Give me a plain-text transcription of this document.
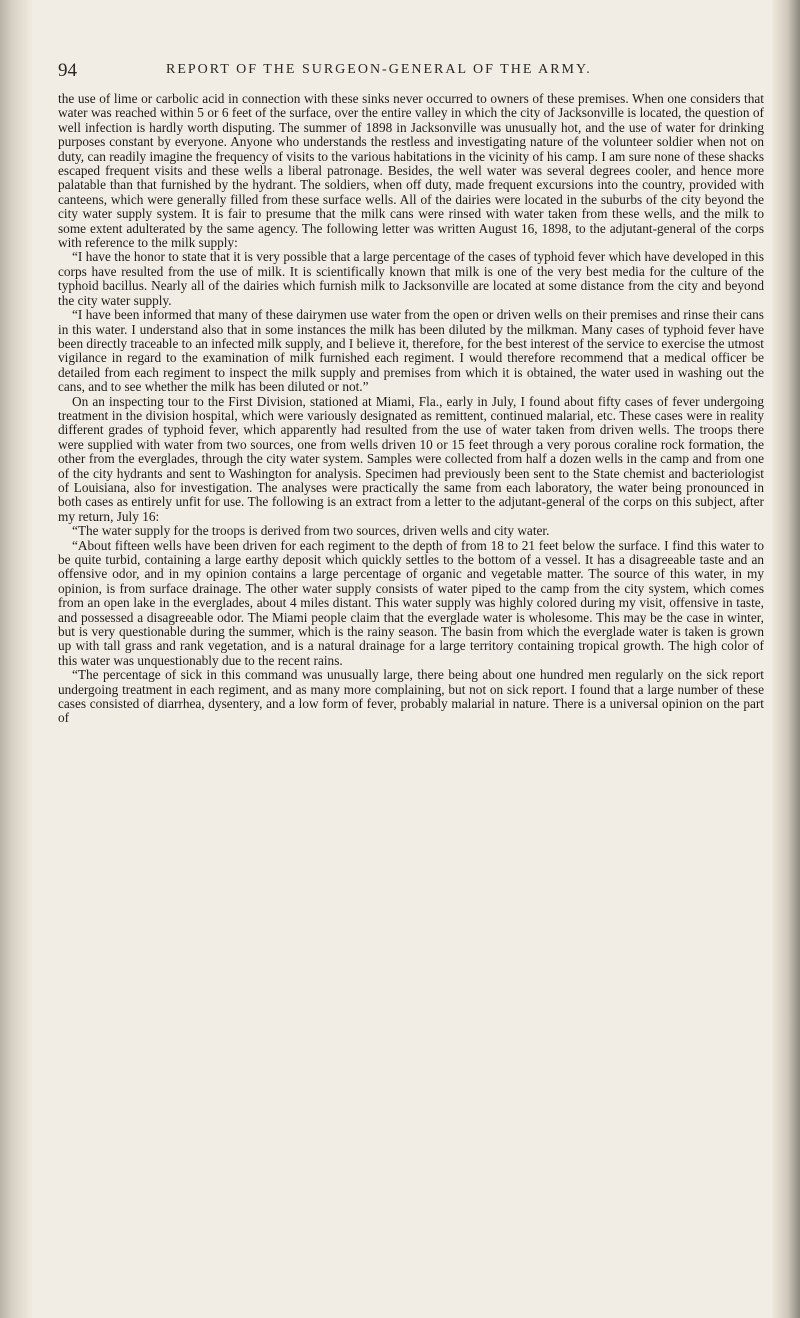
94	REPORT OF THE SURGEON-GENERAL OF THE ARMY.

the use of lime or carbolic acid in connection with these sinks never occurred to owners of these premises. When one considers that water was reached within 5 or 6 feet of the surface, over the entire valley in which the city of Jacksonville is located, the question of well infection is hardly worth disputing. The summer of 1898 in Jacksonville was unusually hot, and the use of water for drinking purposes constant by everyone. Anyone who understands the restless and investigating nature of the volunteer soldier when not on duty, can readily imagine the frequency of visits to the various habitations in the vicinity of his camp. I am sure none of these shacks escaped frequent visits and these wells a liberal patronage. Besides, the well water was several degrees cooler, and hence more palatable than that furnished by the hydrant. The soldiers, when off duty, made frequent excursions into the country, provided with canteens, which were generally filled from these surface wells. All of the dairies were located in the suburbs of the city beyond the city water supply system. It is fair to presume that the milk cans were rinsed with water taken from these wells, and the milk to some extent adulterated by the same agency. The following letter was written August 16, 1898, to the adjutant-general of the corps with reference to the milk supply:

“I have the honor to state that it is very possible that a large percentage of the cases of typhoid fever which have developed in this corps have resulted from the use of milk. It is scientifically known that milk is one of the very best media for the culture of the typhoid bacillus. Nearly all of the dairies which furnish milk to Jacksonville are located at some distance from the city and beyond the city water supply.

“I have been informed that many of these dairymen use water from the open or driven wells on their premises and rinse their cans in this water. I understand also that in some instances the milk has been diluted by the milkman. Many cases of typhoid fever have been directly traceable to an infected milk supply, and I believe it, therefore, for the best interest of the service to exercise the utmost vigilance in regard to the examination of milk furnished each regiment. I would therefore recommend that a medical officer be detailed from each regiment to inspect the milk supply and premises from which it is obtained, the water used in washing out the cans, and to see whether the milk has been diluted or not.”

On an inspecting tour to the First Division, stationed at Miami, Fla., early in July, I found about fifty cases of fever undergoing treatment in the division hospital, which were variously designated as remittent, continued malarial, etc. These cases were in reality different grades of typhoid fever, which apparently had resulted from the use of water taken from driven wells. The troops there were supplied with water from two sources, one from wells driven 10 or 15 feet through a very porous coraline rock formation, the other from the everglades, through the city water system. Samples were collected from half a dozen wells in the camp and from one of the city hydrants and sent to Washington for analysis. Specimen had previously been sent to the State chemist and bacteriologist of Louisiana, also for investigation. The analyses were practically the same from each laboratory, the water being pronounced in both cases as entirely unfit for use. The following is an extract from a letter to the adjutant-general of the corps on this subject, after my return, July 16:

“The water supply for the troops is derived from two sources, driven wells and city water.

“About fifteen wells have been driven for each regiment to the depth of from 18 to 21 feet below the surface. I find this water to be quite turbid, containing a large earthy deposit which quickly settles to the bottom of a vessel. It has a disagreeable taste and an offensive odor, and in my opinion contains a large percentage of organic and vegetable matter. The source of this water, in my opinion, is from surface drainage. The other water supply consists of water piped to the camp from the city system, which comes from an open lake in the everglades, about 4 miles distant. This water supply was highly colored during my visit, offensive in taste, and possessed a disagreeable odor. The Miami people claim that the everglade water is wholesome. This may be the case in winter, but is very questionable during the summer, which is the rainy season. The basin from which the everglade water is taken is grown up with tall grass and rank vegetation, and is a natural drainage for a large territory containing tropical growth. The high color of this water was unquestionably due to the recent rains.

“The percentage of sick in this command was unusually large, there being about one hundred men regularly on the sick report undergoing treatment in each regiment, and as many more complaining, but not on sick report. I found that a large number of these cases consisted of diarrhea, dysentery, and a low form of fever, probably malarial in nature. There is a universal opinion on the part of
